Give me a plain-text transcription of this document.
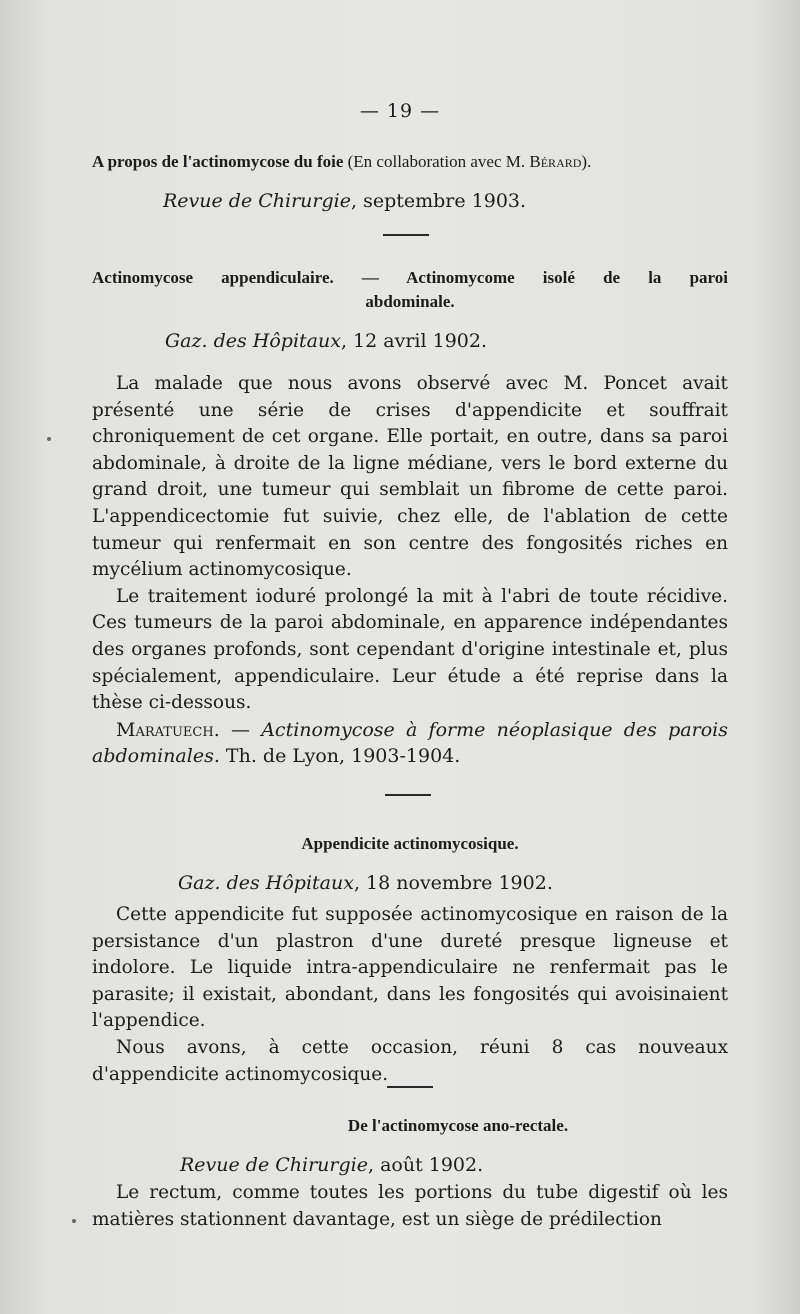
— 19 —
A propos de l'actinomycose du foie (En collaboration avec M. Bérard).
Revue de Chirurgie, septembre 1903.
Actinomycose appendiculaire. — Actinomycome isolé de la paroi
abdominale.
Gaz. des Hôpitaux, 12 avril 1902.

La malade que nous avons observé avec M. Poncet avait présenté une série de crises d'appendicite et souffrait chroniquement de cet organe. Elle portait, en outre, dans sa paroi abdominale, à droite de la ligne médiane, vers le bord externe du grand droit, une tumeur qui semblait un fibrome de cette paroi. L'appendicectomie fut suivie, chez elle, de l'ablation de cette tumeur qui renfermait en son centre des fongosités riches en mycélium actinomycosique.

Le traitement ioduré prolongé la mit à l'abri de toute récidive. Ces tumeurs de la paroi abdominale, en apparence indépendantes des organes profonds, sont cependant d'origine intestinale et, plus spécialement, appendiculaire. Leur étude a été reprise dans la thèse ci-dessous.

Maratuech. — Actinomycose à forme néoplasique des parois abdominales. Th. de Lyon, 1903-1904.

Appendicite actinomycosique.
Gaz. des Hôpitaux, 18 novembre 1902.

Cette appendicite fut supposée actinomycosique en raison de la persistance d'un plastron d'une dureté presque ligneuse et indolore. Le liquide intra-appendiculaire ne renfermait pas le parasite; il existait, abondant, dans les fongosités qui avoisinaient l'appendice.

Nous avons, à cette occasion, réuni 8 cas nouveaux d'appendicite actinomycosique.

De l'actinomycose ano-rectale.
Revue de Chirurgie, août 1902.

Le rectum, comme toutes les portions du tube digestif où les matières stationnent davantage, est un siège de prédilection
